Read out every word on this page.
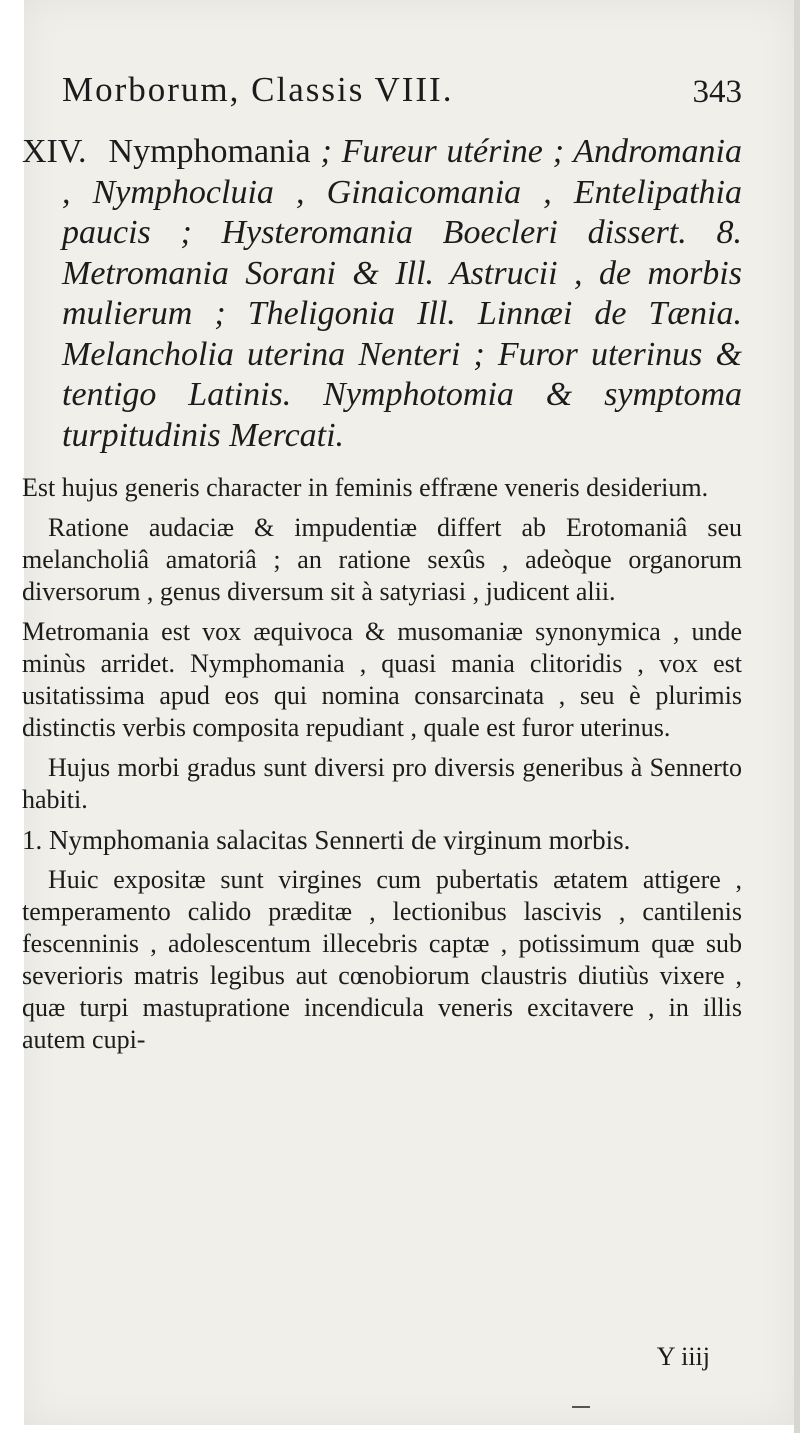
Morborum, Classis VIII.	343

XIV. Nymphomania ; Fureur utérine ; Andromania , Nymphocluia , Ginaicomania , Entelipathia paucis ; Hysteromania Boecleri dissert. 8. Metromania Sorani & Ill. Astrucii , de morbis mulierum ; Theligonia Ill. Linnæi de Tænia. Melancholia uterina Nenteri ; Furor uterinus & tentigo Latinis. Nymphotomia & symptoma turpitudinis Mercati.

Est hujus generis character in feminis effræne veneris desiderium.

Ratione audaciæ & impudentiæ differt ab Erotomaniâ seu melancholiâ amatoriâ ; an ratione sexûs , adeòque organorum diversorum , genus diversum sit à satyriasi , judicent alii.

Metromania est vox æquivoca & musomaniæ synonymica , unde minùs arridet. Nymphomania , quasi mania clitoridis , vox est usitatissima apud eos qui nomina consarcinata , seu è plurimis distinctis verbis composita repudiant , quale est furor uterinus.

Hujus morbi gradus sunt diversi pro diversis generibus à Sennerto habiti.

1. Nymphomania salacitas Sennerti de virginum morbis.

Huic expositæ sunt virgines cum pubertatis ætatem attigere , temperamento calido præditæ , lectionibus lascivis , cantilenis fescenninis , adolescentum illecebris captæ , potissimum quæ sub severioris matris legibus aut cœnobiorum claustris diutiùs vixere , quæ turpi mastupratione incendicula veneris excitavere , in illis autem cupi-

Y iiij
